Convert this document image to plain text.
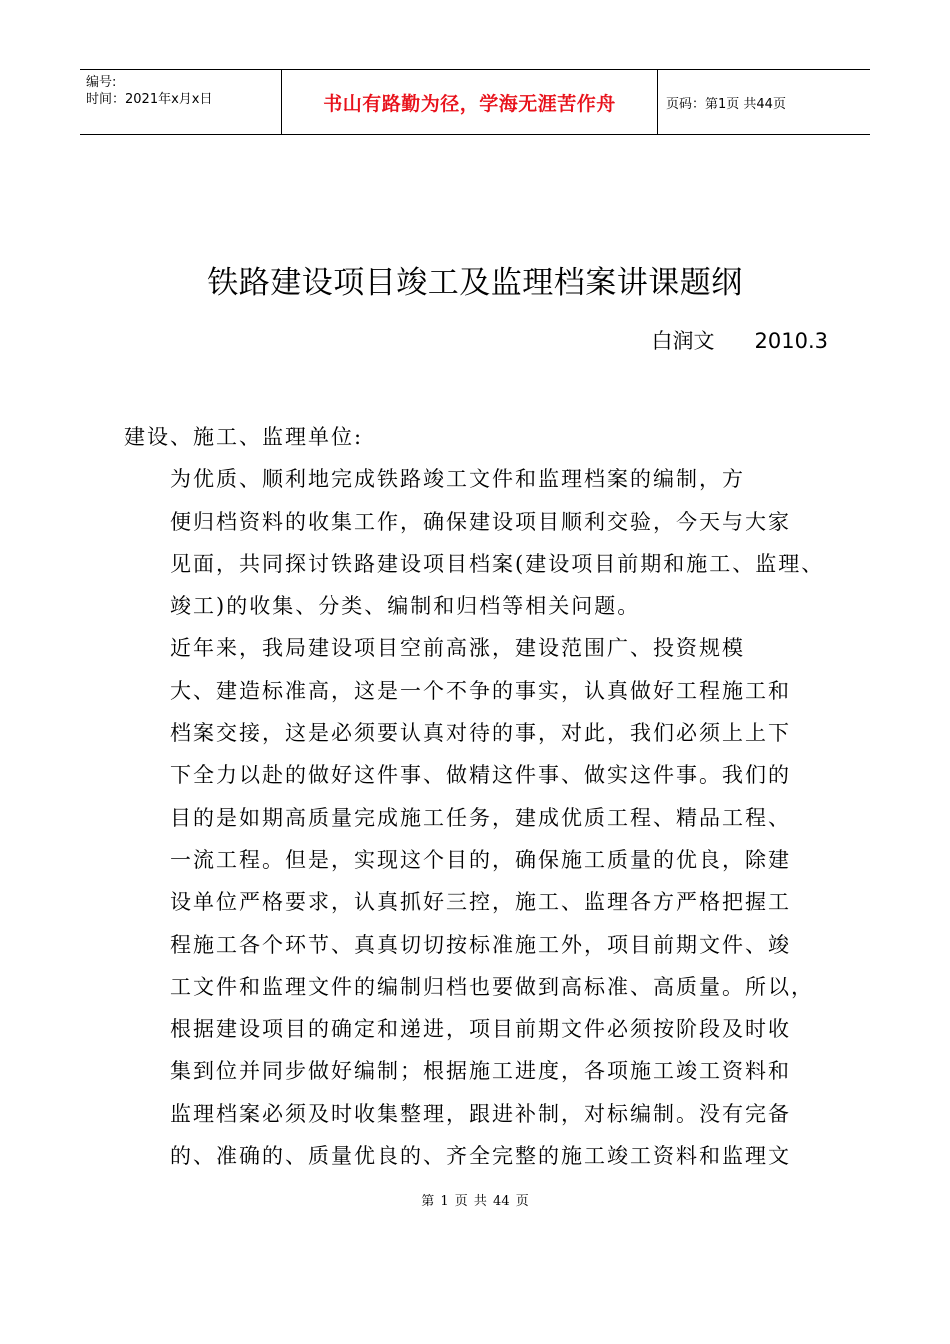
编号:
时间：2021年x月x日	书山有路勤为径，学海无涯苦作舟	页码：第1页 共44页
铁路建设项目竣工及监理档案讲课题纲
白润文      2010.3

建设、施工、监理单位:

为优质、顺利地完成铁路竣工文件和监理档案的编制，方
便归档资料的收集工作，确保建设项目顺利交验，今天与大家
见面，共同探讨铁路建设项目档案(建设项目前期和施工、监理、
竣工)的收集、分类、编制和归档等相关问题。

近年来，我局建设项目空前高涨，建设范围广、投资规模
大、建造标准高，这是一个不争的事实，认真做好工程施工和
档案交接，这是必须要认真对待的事，对此，我们必须上上下
下全力以赴的做好这件事、做精这件事、做实这件事。我们的
目的是如期高质量完成施工任务，建成优质工程、精品工程、
一流工程。但是，实现这个目的，确保施工质量的优良，除建
设单位严格要求，认真抓好三控，施工、监理各方严格把握工
程施工各个环节、真真切切按标准施工外，项目前期文件、竣
工文件和监理文件的编制归档也要做到高标准、高质量。所以，
根据建设项目的确定和递进，项目前期文件必须按阶段及时收
集到位并同步做好编制；根据施工进度，各项施工竣工资料和
监理档案必须及时收集整理，跟进补制，对标编制。没有完备
的、准确的、质量优良的、齐全完整的施工竣工资料和监理文

第 1 页 共 44 页
